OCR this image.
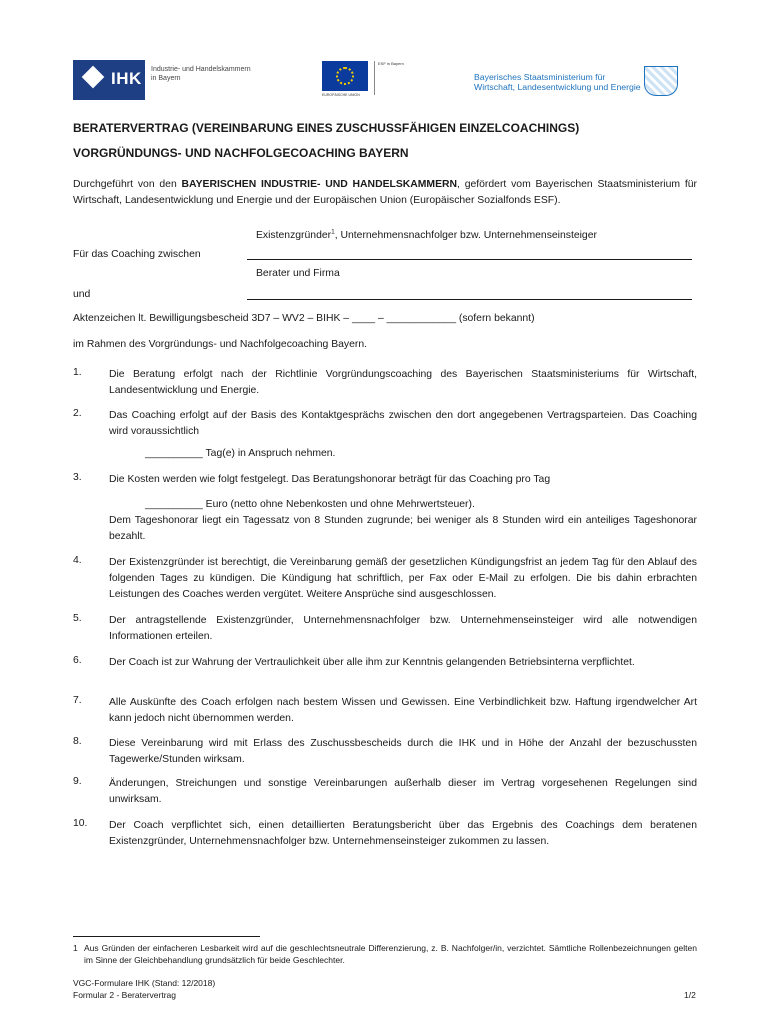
IHK Industrie- und Handelskammern in Bayern
EUROPÄISCHE UNION
ESF in Bayern
Bayerisches Staatsministerium für
Wirtschaft, Landesentwicklung und Energie
BERATERVERTRAG (VEREINBARUNG EINES ZUSCHUSSFÄHIGEN EINZELCOACHINGS)
VORGRÜNDUNGS- UND NACHFOLGECOACHING BAYERN
Durchgeführt von den BAYERISCHEN INDUSTRIE- UND HANDELSKAMMERN, gefördert vom Bayerischen Staatsministerium für Wirtschaft, Landesentwicklung und Energie und der Europäischen Union (Europäischer Sozialfonds ESF).
Existenzgründer$^1$, Unternehmensnachfolger bzw. Unternehmenseinsteiger
Für das Coaching zwischen
Berater und Firma
und
Aktenzeichen lt. Bewilligungsbescheid 3D7 – WV2 – BIHK – ____ – ____________ (sofern bekannt)
im Rahmen des Vorgründungs- und Nachfolgecoaching Bayern.
1.	Die Beratung erfolgt nach der Richtlinie Vorgründungscoaching des Bayerischen Staatsministeriums für Wirtschaft, Landesentwicklung und Energie.
2.	Das Coaching erfolgt auf der Basis des Kontaktgesprächs zwischen den dort angegebenen Vertragsparteien. Das Coaching wird voraussichtlich
__________ Tag(e) in Anspruch nehmen.
3.	Die Kosten werden wie folgt festgelegt. Das Beratungshonorar beträgt für das Coaching pro Tag
__________ Euro (netto ohne Nebenkosten und ohne Mehrwertsteuer).
Dem Tageshonorar liegt ein Tagessatz von 8 Stunden zugrunde; bei weniger als 8 Stunden wird ein anteiliges Tageshonorar bezahlt.
4.	Der Existenzgründer ist berechtigt, die Vereinbarung gemäß der gesetzlichen Kündigungsfrist an jedem Tag für den Ablauf des folgenden Tages zu kündigen. Die Kündigung hat schriftlich, per Fax oder E-Mail zu erfolgen. Die bis dahin erbrachten Leistungen des Coaches werden vergütet. Weitere Ansprüche sind ausgeschlossen.
5.	Der antragstellende Existenzgründer, Unternehmensnachfolger bzw. Unternehmenseinsteiger wird alle notwendigen Informationen erteilen.
6.	Der Coach ist zur Wahrung der Vertraulichkeit über alle ihm zur Kenntnis gelangenden Betriebsinterna verpflichtet.
7.	Alle Auskünfte des Coach erfolgen nach bestem Wissen und Gewissen. Eine Verbindlichkeit bzw. Haftung irgendwelcher Art kann jedoch nicht übernommen werden.
8.	Diese Vereinbarung wird mit Erlass des Zuschussbescheids durch die IHK und in Höhe der Anzahl der bezuschussten Tagewerke/Stunden wirksam.
9.	Änderungen, Streichungen und sonstige Vereinbarungen außerhalb dieser im Vertrag vorgesehenen Regelungen sind unwirksam.
10. Der Coach verpflichtet sich, einen detaillierten Beratungsbericht über das Ergebnis des Coachings dem beratenen Existenzgründer, Unternehmensnachfolger bzw. Unternehmenseinsteiger zukommen zu lassen.
1 Aus Gründen der einfacheren Lesbarkeit wird auf die geschlechtsneutrale Differenzierung, z. B. Nachfolger/in, verzichtet. Sämtliche Rollenbezeichnungen gelten im Sinne der Gleichbehandlung grundsätzlich für beide Geschlechter.
VGC-Formulare IHK (Stand: 12/2018)
Formular 2 - Beratervertrag	1/2
